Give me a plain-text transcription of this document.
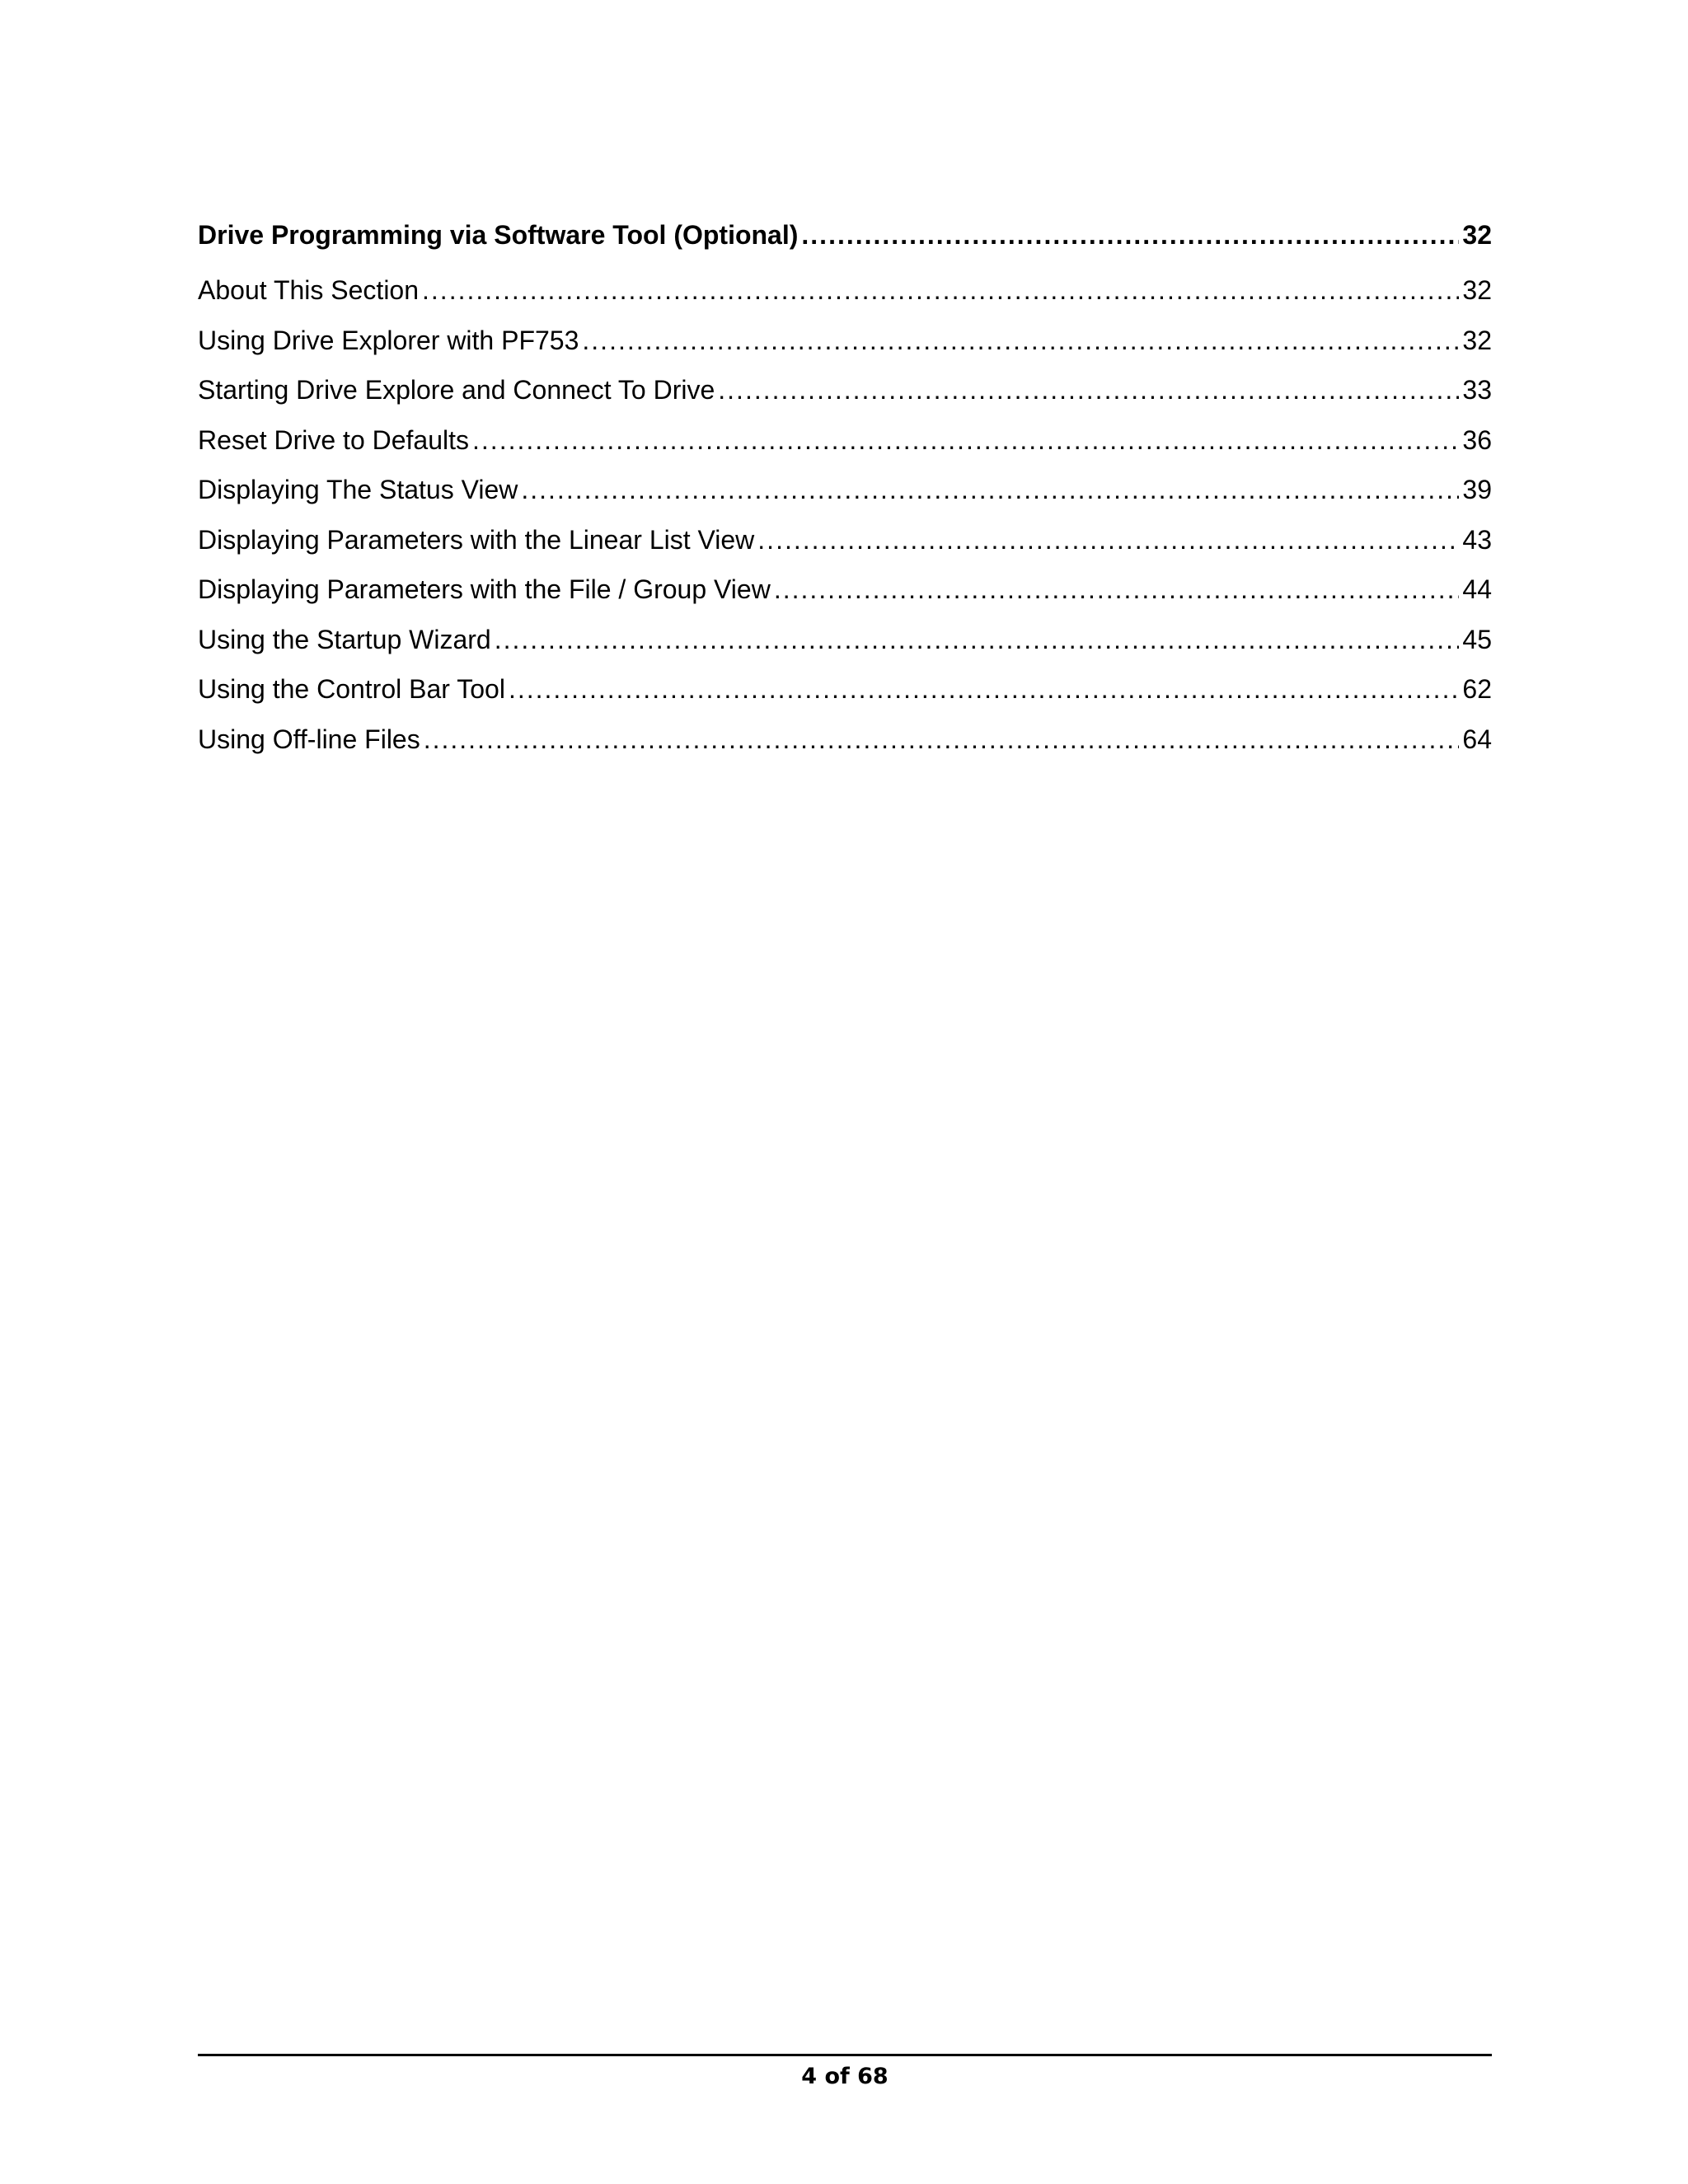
Drive Programming via Software Tool (Optional) .....	32
About This Section .....	32
Using Drive Explorer with PF753 .....	32
Starting Drive Explore and Connect To Drive .....	33
Reset Drive to Defaults .....	36
Displaying The Status View .....	39
Displaying Parameters with the Linear List View .....	43
Displaying Parameters with the File / Group View .....	44
Using the Startup Wizard .....	45
Using the Control Bar Tool .....	62
Using Off-line Files .....	64
4 of 68
